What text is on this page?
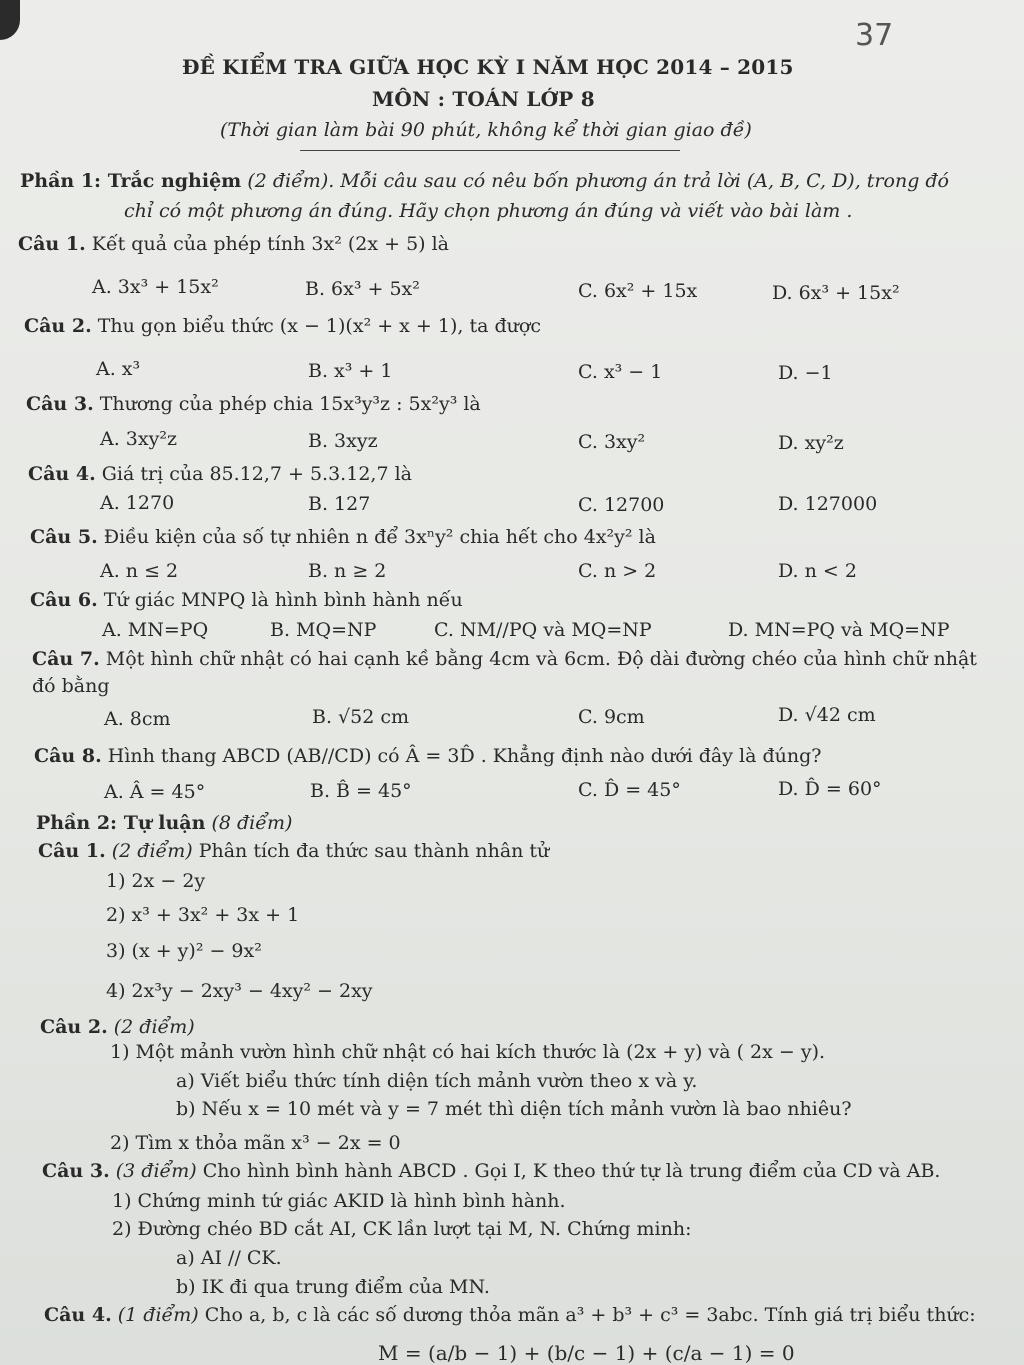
37
ĐỀ KIỂM TRA GIỮA HỌC KỲ I NĂM HỌC 2014 – 2015
MÔN : TOÁN LỚP 8
(Thời gian làm bài 90 phút, không kể thời gian giao đề)
Phần 1: Trắc nghiệm (2 điểm). Mỗi câu sau có nêu bốn phương án trả lời (A, B, C, D), trong đó
chỉ có một phương án đúng. Hãy chọn phương án đúng và viết vào bài làm .
Câu 1. Kết quả của phép tính 3x² (2x + 5) là
A. 3x³ + 15x²	B. 6x³ + 5x²	C. 6x² + 15x	D. 6x³ + 15x²
Câu 2. Thu gọn biểu thức (x − 1)(x² + x + 1), ta được
A. x³	B. x³ + 1	C. x³ − 1	D. −1
Câu 3. Thương của phép chia 15x³y³z : 5x²y³ là
A. 3xy²z	B. 3xyz	C. 3xy²	D. xy²z
Câu 4. Giá trị của 85.12,7 + 5.3.12,7 là
A. 1270	B. 127	C. 12700	D. 127000
Câu 5. Điều kiện của số tự nhiên n để 3xⁿy² chia hết cho 4x²y² là
A. n ≤ 2	B. n ≥ 2	C. n > 2	D. n < 2
Câu 6. Tứ giác MNPQ là hình bình hành nếu
A. MN=PQ	B. MQ=NP	C. NM//PQ và MQ=NP	D. MN=PQ và MQ=NP
Câu 7. Một hình chữ nhật có hai cạnh kề bằng 4cm và 6cm. Độ dài đường chéo của hình chữ nhật
đó bằng
A. 8cm	B. √52 cm	C. 9cm	D. √42 cm
Câu 8. Hình thang ABCD (AB//CD) có Â = 3D̂ . Khẳng định nào dưới đây là đúng?
A. Â = 45°	B. B̂ = 45°	C. D̂ = 45°	D. D̂ = 60°
Phần 2: Tự luận (8 điểm)
Câu 1. (2 điểm) Phân tích đa thức sau thành nhân tử
1) 2x − 2y
2) x³ + 3x² + 3x + 1
3) (x + y)² − 9x²
4) 2x³y − 2xy³ − 4xy² − 2xy
Câu 2. (2 điểm)
1) Một mảnh vườn hình chữ nhật có hai kích thước là (2x + y) và ( 2x − y).
a) Viết biểu thức tính diện tích mảnh vườn theo x và y.
b) Nếu x = 10 mét và y = 7 mét thì diện tích mảnh vườn là bao nhiêu?
2) Tìm x thỏa mãn x³ − 2x = 0
Câu 3. (3 điểm) Cho hình bình hành ABCD . Gọi I, K theo thứ tự là trung điểm của CD và AB.
1) Chứng minh tứ giác AKID là hình bình hành.
2) Đường chéo BD cắt AI, CK lần lượt tại M, N. Chứng minh:
a) AI // CK.
b) IK đi qua trung điểm của MN.
Câu 4. (1 điểm) Cho a, b, c là các số dương thỏa mãn a³ + b³ + c³ = 3abc. Tính giá trị biểu thức:
M = (a/b − 1) + (b/c − 1) + (c/a − 1) = 0
